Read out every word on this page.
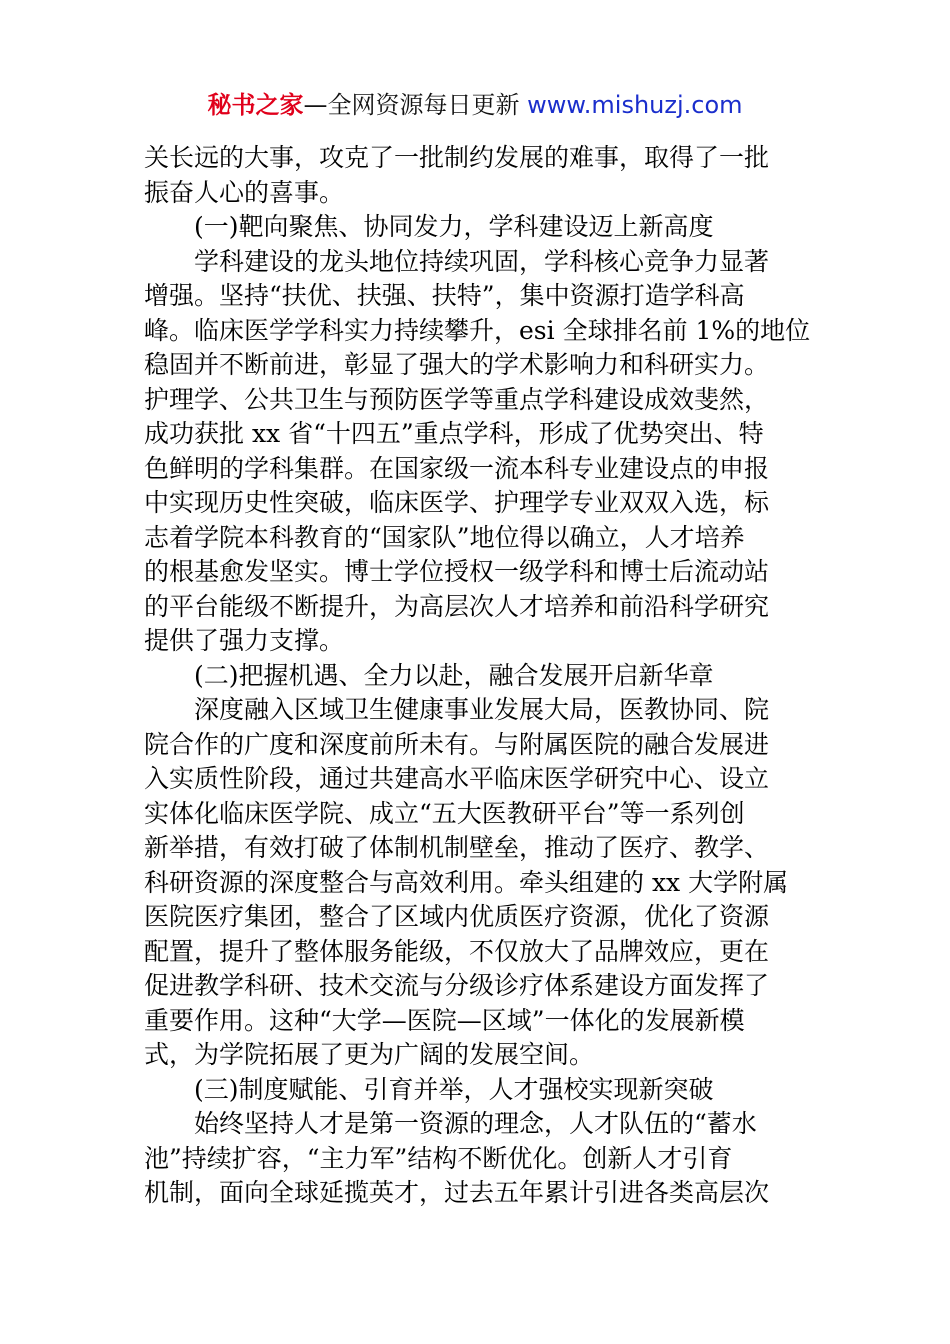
秘书之家—全网资源每日更新 www.mishuzj.com
关长远的大事，攻克了一批制约发展的难事，取得了一批
振奋人心的喜事。
(一)靶向聚焦、协同发力，学科建设迈上新高度
学科建设的龙头地位持续巩固，学科核心竞争力显著
增强。坚持“扶优、扶强、扶特”，集中资源打造学科高
峰。临床医学学科实力持续攀升，esi 全球排名前 1%的地位
稳固并不断前进，彰显了强大的学术影响力和科研实力。
护理学、公共卫生与预防医学等重点学科建设成效斐然，
成功获批 xx 省“十四五”重点学科，形成了优势突出、特
色鲜明的学科集群。在国家级一流本科专业建设点的申报
中实现历史性突破，临床医学、护理学专业双双入选，标
志着学院本科教育的“国家队”地位得以确立，人才培养
的根基愈发坚实。博士学位授权一级学科和博士后流动站
的平台能级不断提升，为高层次人才培养和前沿科学研究
提供了强力支撑。
(二)把握机遇、全力以赴，融合发展开启新华章
深度融入区域卫生健康事业发展大局，医教协同、院
院合作的广度和深度前所未有。与附属医院的融合发展进
入实质性阶段，通过共建高水平临床医学研究中心、设立
实体化临床医学院、成立“五大医教研平台”等一系列创
新举措，有效打破了体制机制壁垒，推动了医疗、教学、
科研资源的深度整合与高效利用。牵头组建的 xx 大学附属
医院医疗集团，整合了区域内优质医疗资源，优化了资源
配置，提升了整体服务能级，不仅放大了品牌效应，更在
促进教学科研、技术交流与分级诊疗体系建设方面发挥了
重要作用。这种“大学—医院—区域”一体化的发展新模
式，为学院拓展了更为广阔的发展空间。
(三)制度赋能、引育并举，人才强校实现新突破
始终坚持人才是第一资源的理念，人才队伍的“蓄水
池”持续扩容，“主力军”结构不断优化。创新人才引育
机制，面向全球延揽英才，过去五年累计引进各类高层次
